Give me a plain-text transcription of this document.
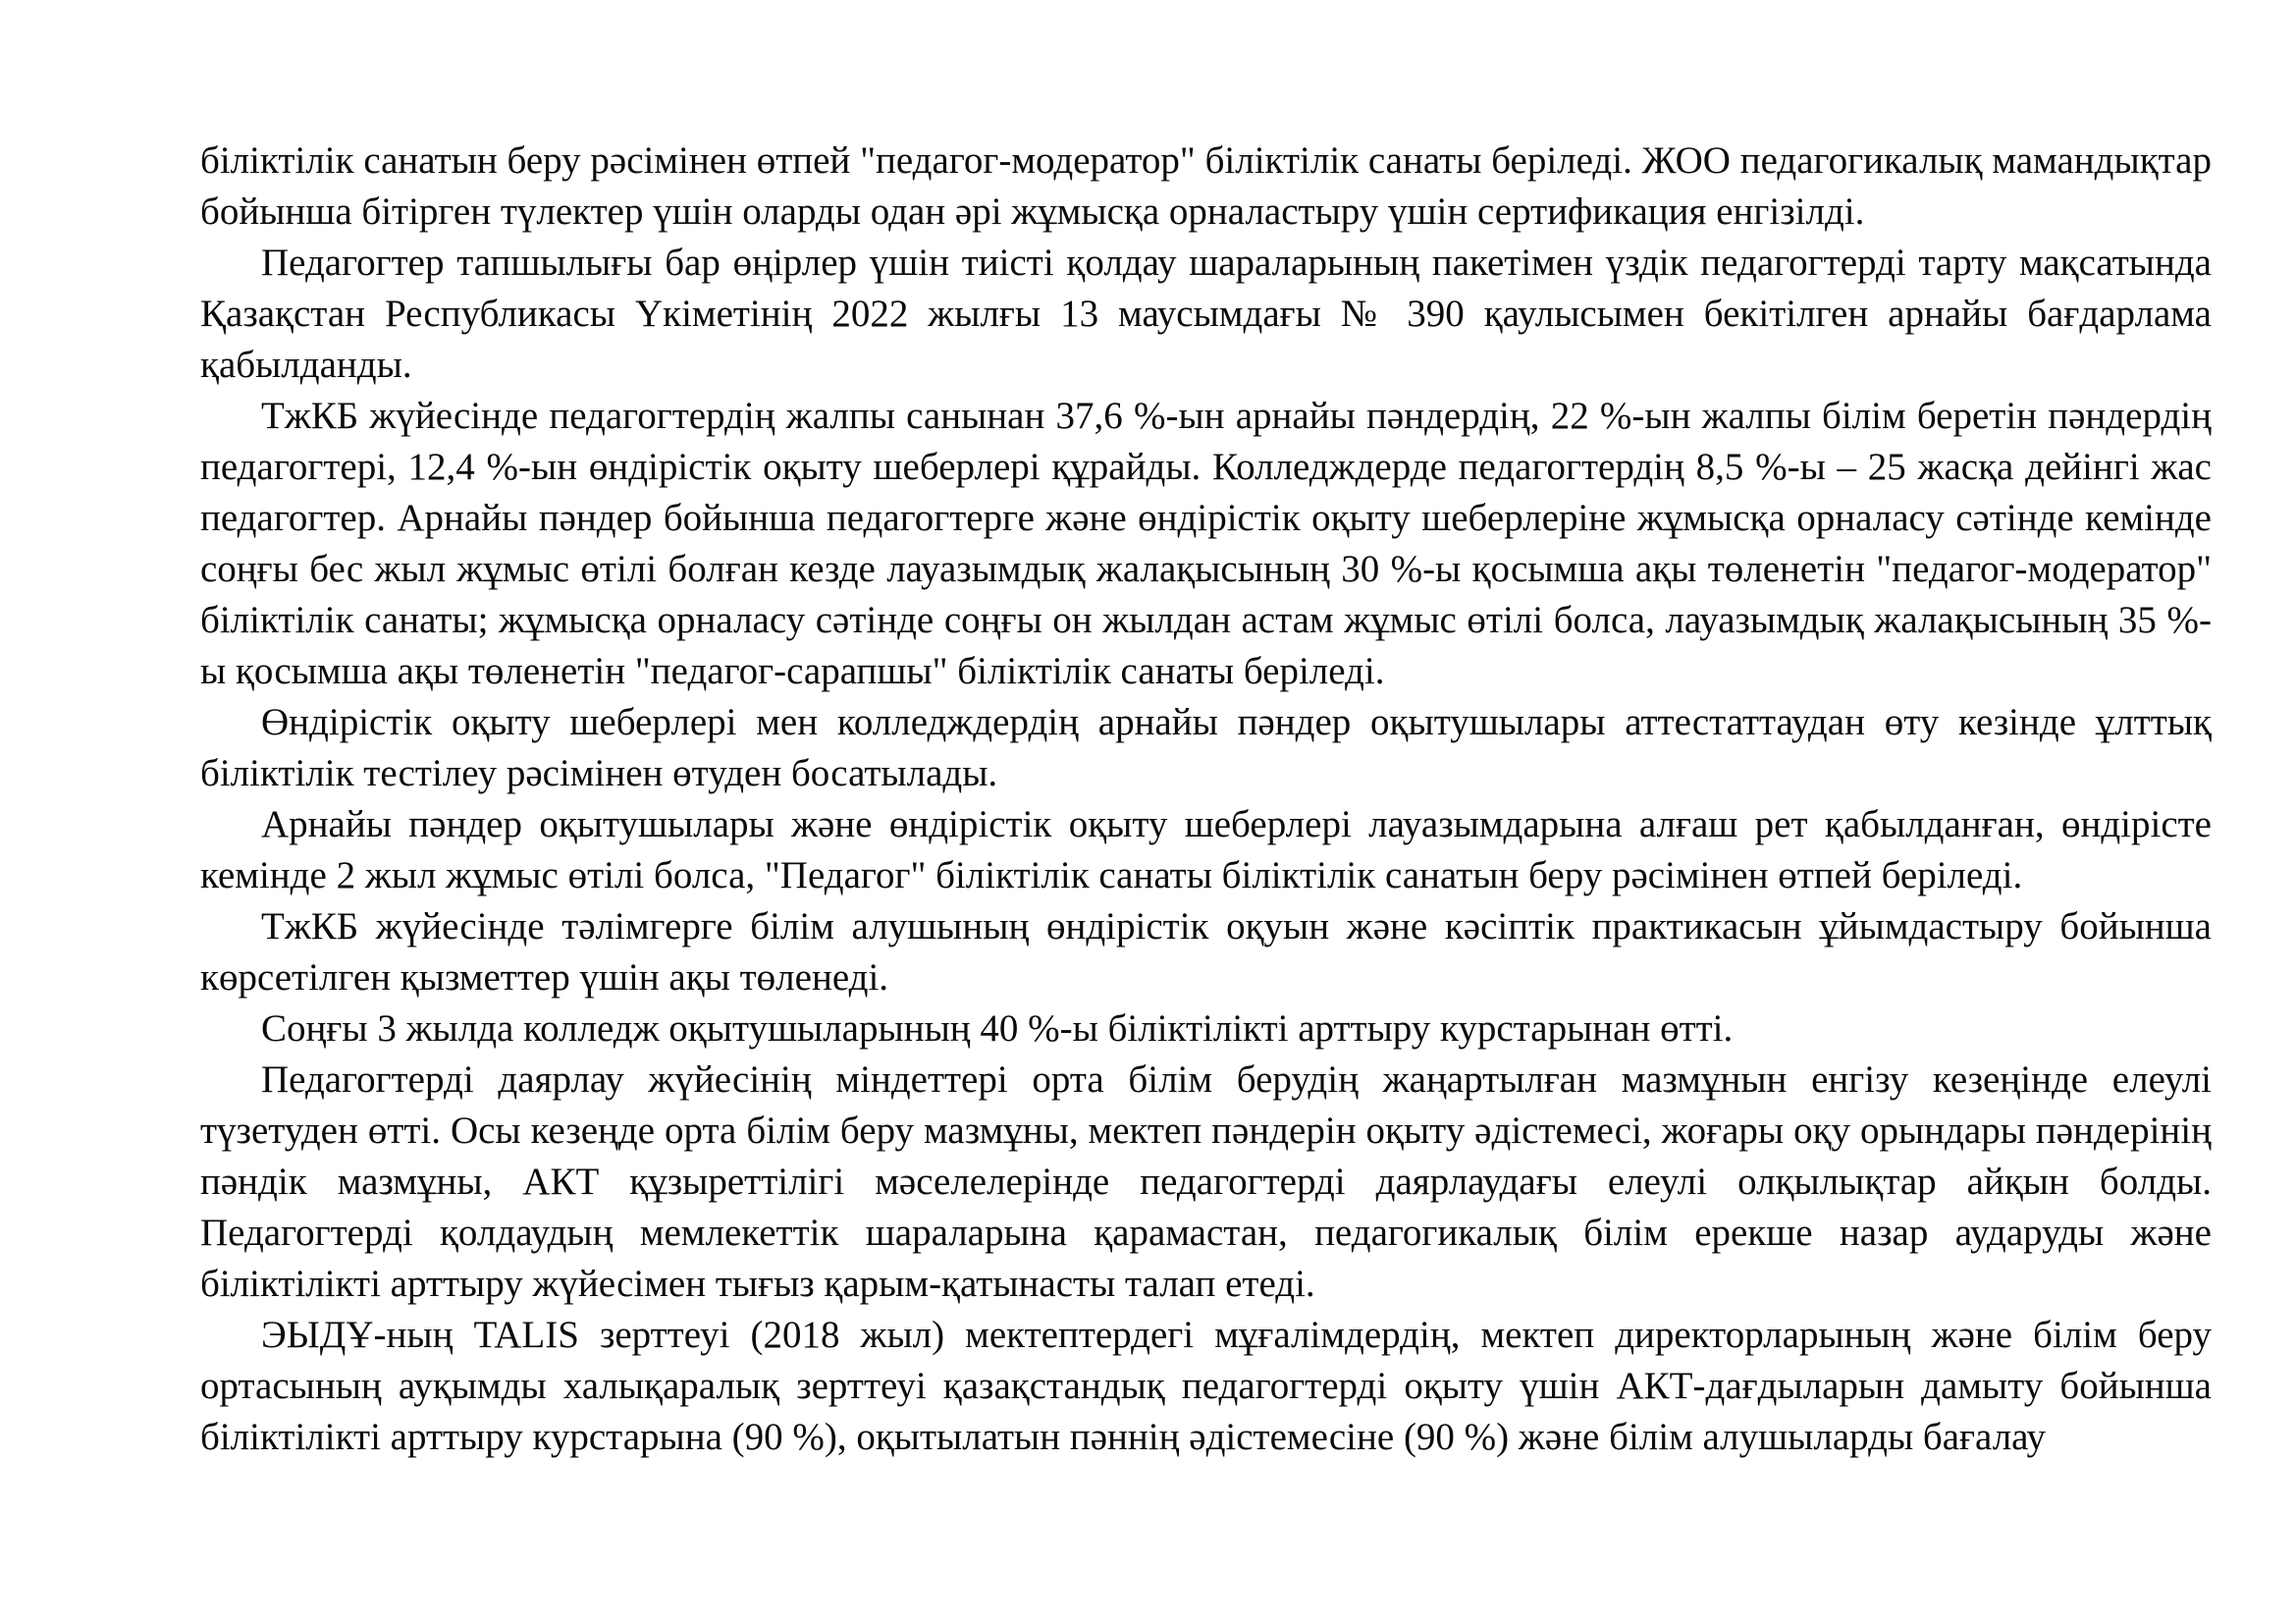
біліктілік санатын беру рәсімінен өтпей "педагог-модератор" біліктілік санаты беріледі. ЖОО педагогикалық мамандықтар бойынша бітірген түлектер үшін оларды одан әрі жұмысқа орналастыру үшін сертификация енгізілді.

Педагогтер тапшылығы бар өңірлер үшін тиісті қолдау шараларының пакетімен үздік педагогтерді тарту мақсатында Қазақстан Республикасы Үкіметінің 2022 жылғы 13 маусымдағы № 390 қаулысымен бекітілген арнайы бағдарлама қабылданды.

ТжКБ жүйесінде педагогтердің жалпы санынан 37,6 %-ын арнайы пәндердің, 22 %-ын жалпы білім беретін пәндердің педагогтері, 12,4 %-ын өндірістік оқыту шеберлері құрайды. Колледждерде педагогтердің 8,5 %-ы – 25 жасқа дейінгі жас педагогтер. Арнайы пәндер бойынша педагогтерге және өндірістік оқыту шеберлеріне жұмысқа орналасу сәтінде кемінде соңғы бес жыл жұмыс өтілі болған кезде лауазымдық жалақысының 30 %-ы қосымша ақы төленетін "педагог-модератор" біліктілік санаты; жұмысқа орналасу сәтінде соңғы он жылдан астам жұмыс өтілі болса, лауазымдық жалақысының 35 %-ы қосымша ақы төленетін "педагог-сарапшы" біліктілік санаты беріледі.

Өндірістік оқыту шеберлері мен колледждердің арнайы пәндер оқытушылары аттестаттаудан өту кезінде ұлттық біліктілік тестілеу рәсімінен өтуден босатылады.

Арнайы пәндер оқытушылары және өндірістік оқыту шеберлері лауазымдарына алғаш рет қабылданған, өндірісте кемінде 2 жыл жұмыс өтілі болса, "Педагог" біліктілік санаты біліктілік санатын беру рәсімінен өтпей беріледі.

ТжКБ жүйесінде тәлімгерге білім алушының өндірістік оқуын және кәсіптік практикасын ұйымдастыру бойынша көрсетілген қызметтер үшін ақы төленеді.

Соңғы 3 жылда колледж оқытушыларының 40 %-ы біліктілікті арттыру курстарынан өтті.

Педагогтерді даярлау жүйесінің міндеттері орта білім берудің жаңартылған мазмұнын енгізу кезеңінде елеулі түзетуден өтті. Осы кезеңде орта білім беру мазмұны, мектеп пәндерін оқыту әдістемесі, жоғары оқу орындары пәндерінің пәндік мазмұны, АКТ құзыреттілігі мәселелерінде педагогтерді даярлаудағы елеулі олқылықтар айқын болды. Педагогтерді қолдаудың мемлекеттік шараларына қарамастан, педагогикалық білім ерекше назар аударуды және біліктілікті арттыру жүйесімен тығыз қарым-қатынасты талап етеді.

ЭЫДҰ-ның TALIS зерттеуі (2018 жыл) мектептердегі мұғалімдердің, мектеп директорларының және білім беру ортасының ауқымды халықаралық зерттеуі қазақстандық педагогтерді оқыту үшін АКТ-дағдыларын дамыту бойынша біліктілікті арттыру курстарына (90 %), оқытылатын пәннің әдістемесіне (90 %) және білім алушыларды бағалау
